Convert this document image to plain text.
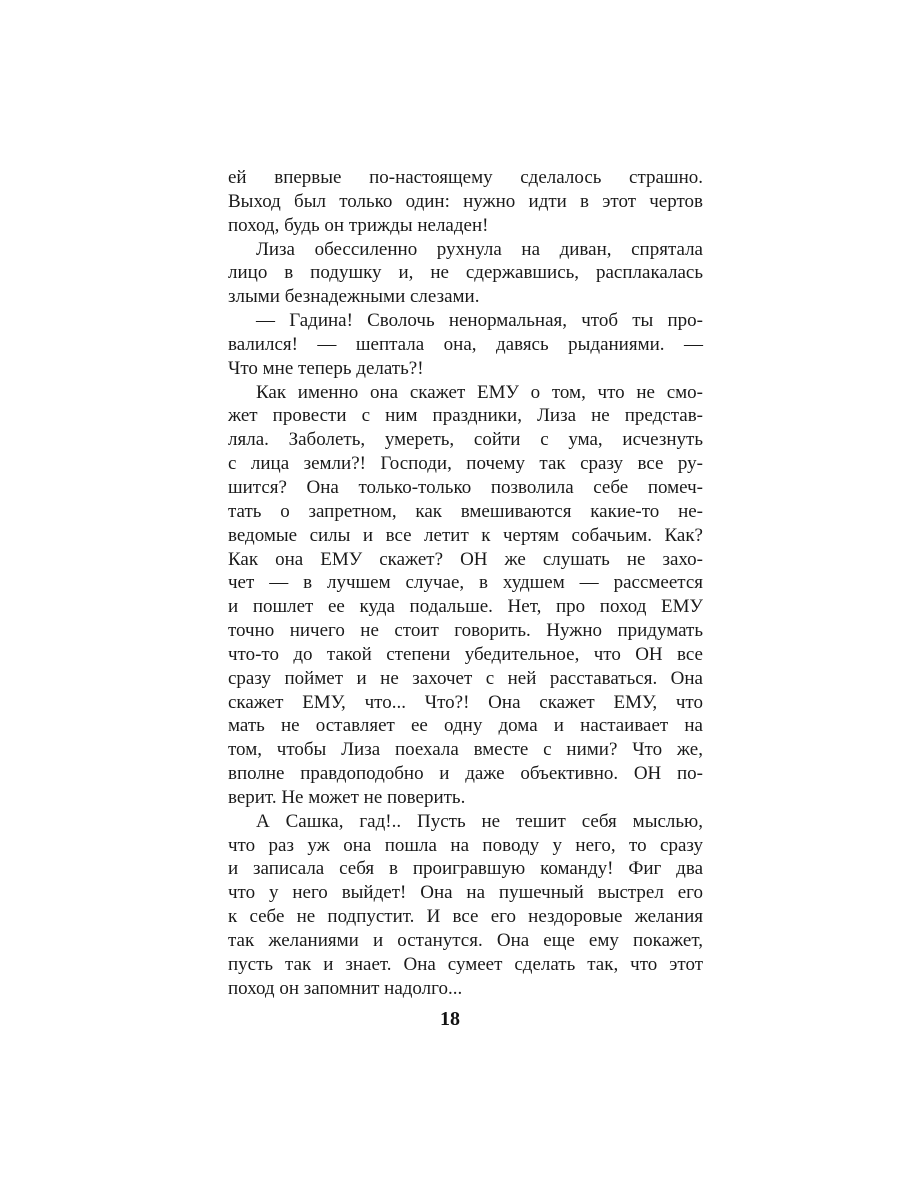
ей впервые по-настоящему сделалось страшно.
Выход был только один: нужно идти в этот чертов
поход, будь он трижды неладен!
Лиза обессиленно рухнула на диван, спрятала
лицо в подушку и, не сдержавшись, расплакалась
злыми безнадежными слезами.
— Гадина! Сволочь ненормальная, чтоб ты про-
валился! — шептала она, давясь рыданиями. —
Что мне теперь делать?!
Как именно она скажет ЕМУ о том, что не смо-
жет провести с ним праздники, Лиза не представ-
ляла. Заболеть, умереть, сойти с ума, исчезнуть
с лица земли?! Господи, почему так сразу все ру-
шится? Она только-только позволила себе помеч-
тать о запретном, как вмешиваются какие-то не-
ведомые силы и все летит к чертям собачьим. Как?
Как она ЕМУ скажет? ОН же слушать не захо-
чет — в лучшем случае, в худшем — рассмеется
и пошлет ее куда подальше. Нет, про поход ЕМУ
точно ничего не стоит говорить. Нужно придумать
что-то до такой степени убедительное, что ОН все
сразу поймет и не захочет с ней расставаться. Она
скажет ЕМУ, что... Что?! Она скажет ЕМУ, что
мать не оставляет ее одну дома и настаивает на
том, чтобы Лиза поехала вместе с ними? Что же,
вполне правдоподобно и даже объективно. ОН по-
верит. Не может не поверить.
А Сашка, гад!.. Пусть не тешит себя мыслью,
что раз уж она пошла на поводу у него, то сразу
и записала себя в проигравшую команду! Фиг два
что у него выйдет! Она на пушечный выстрел его
к себе не подпустит. И все его нездоровые желания
так желаниями и останутся. Она еще ему покажет,
пусть так и знает. Она сумеет сделать так, что этот
поход он запомнит надолго...
18
